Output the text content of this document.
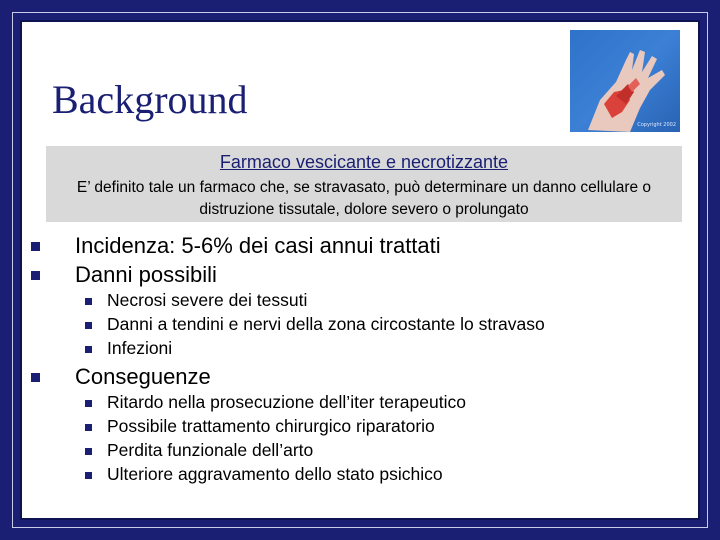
Background
Copyright 2002
Farmaco vescicante e necrotizzante
E’ definito tale un farmaco che, se stravasato, può determinare un danno cellulare o distruzione tissutale, dolore severo o prolungato
Incidenza: 5-6% dei casi annui trattati
Danni possibili
Necrosi severe dei tessuti
Danni a tendini e nervi della zona circostante lo stravaso
Infezioni
Conseguenze
Ritardo nella prosecuzione dell’iter terapeutico
Possibile trattamento chirurgico riparatorio
Perdita funzionale dell’arto
Ulteriore aggravamento dello stato psichico
